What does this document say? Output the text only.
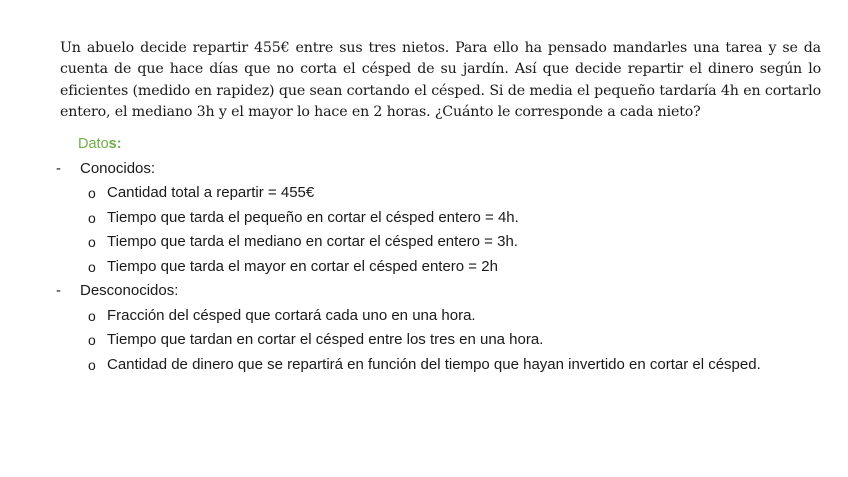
Un abuelo decide repartir 455€ entre sus tres nietos. Para ello ha pensado mandarles una tarea y se da cuenta de que hace días que no corta el césped de su jardín. Así que decide repartir el dinero según lo eficientes (medido en rapidez) que sean cortando el césped. Si de media el pequeño tardaría 4h en cortarlo entero, el mediano 3h y el mayor lo hace en 2 horas. ¿Cuánto le corresponde a cada nieto?

Datos:
- Conocidos:
o Cantidad total a repartir = 455€
o Tiempo que tarda el pequeño en cortar el césped entero = 4h.
o Tiempo que tarda el mediano en cortar el césped entero = 3h.
o Tiempo que tarda el mayor en cortar el césped entero = 2h
- Desconocidos:
o Fracción del césped que cortará cada uno en una hora.
o Tiempo que tardan en cortar el césped entre los tres en una hora.
o Cantidad de dinero que se repartirá en función del tiempo que hayan invertido en cortar el césped.
